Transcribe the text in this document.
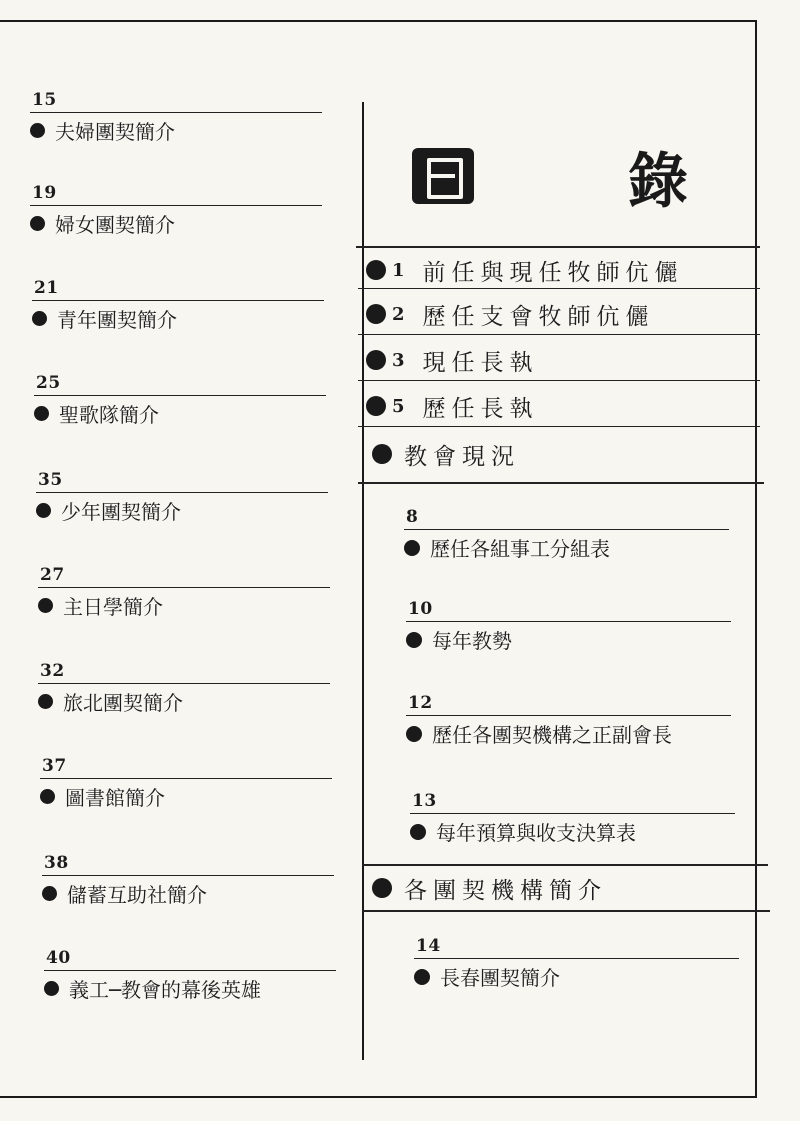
15
夫婦團契簡介
19
婦女團契簡介
21
青年團契簡介
25
聖歌隊簡介
35
少年團契簡介
27
主日學簡介
32
旅北團契簡介
37
圖書館簡介
38
儲蓄互助社簡介
40
義工─教會的幕後英雄
錄
1 前任與現任牧師伉儷
2 歷任支會牧師伉儷
3 現任長執
5 歷任長執
教會現況
8
歷任各組事工分組表
10
每年教勢
12
歷任各團契機構之正副會長
13
每年預算與收支決算表
各團契機構簡介
14
長春團契簡介
